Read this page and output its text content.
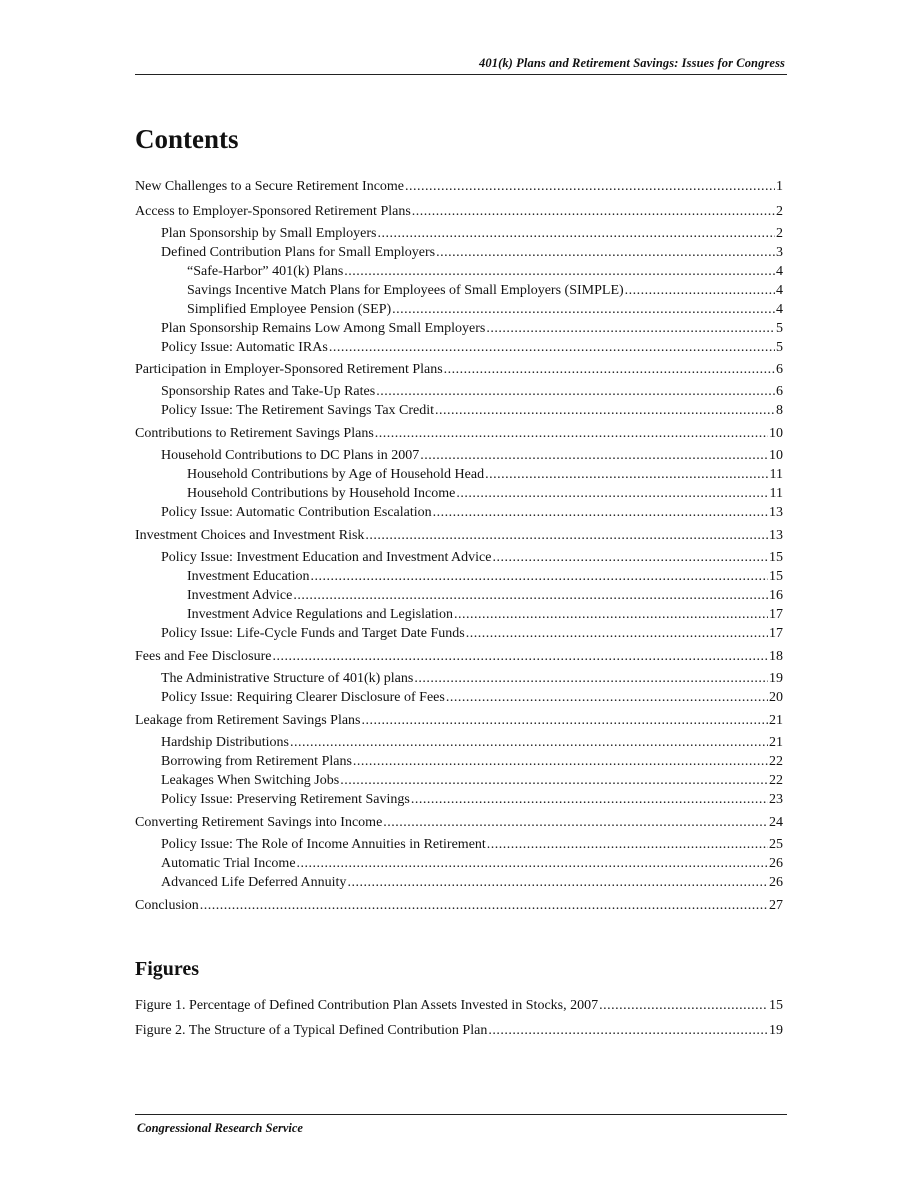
401(k) Plans and Retirement Savings: Issues for Congress
Contents
New Challenges to a Secure Retirement Income .....	1
Access to Employer-Sponsored Retirement Plans .....	2
Plan Sponsorship by Small Employers .....	2
Defined Contribution Plans for Small Employers .....	3
“Safe-Harbor” 401(k) Plans .....	4
Savings Incentive Match Plans for Employees of Small Employers (SIMPLE) .....	4
Simplified Employee Pension (SEP) .....	4
Plan Sponsorship Remains Low Among Small Employers .....	5
Policy Issue: Automatic IRAs .....	5
Participation in Employer-Sponsored Retirement Plans .....	6
Sponsorship Rates and Take-Up Rates .....	6
Policy Issue: The Retirement Savings Tax Credit .....	8
Contributions to Retirement Savings Plans .....	10
Household Contributions to DC Plans in 2007 .....	10
Household Contributions by Age of Household Head .....	11
Household Contributions by Household Income .....	11
Policy Issue: Automatic Contribution Escalation .....	13
Investment Choices and Investment Risk .....	13
Policy Issue: Investment Education and Investment Advice .....	15
Investment Education .....	15
Investment Advice .....	16
Investment Advice Regulations and Legislation .....	17
Policy Issue: Life-Cycle Funds and Target Date Funds .....	17
Fees and Fee Disclosure .....	18
The Administrative Structure of 401(k) plans .....	19
Policy Issue: Requiring Clearer Disclosure of Fees .....	20
Leakage from Retirement Savings Plans .....	21
Hardship Distributions .....	21
Borrowing from Retirement Plans .....	22
Leakages When Switching Jobs .....	22
Policy Issue: Preserving Retirement Savings .....	23
Converting Retirement Savings into Income .....	24
Policy Issue: The Role of Income Annuities in Retirement .....	25
Automatic Trial Income .....	26
Advanced Life Deferred Annuity .....	26
Conclusion .....	27
Figures
Figure 1. Percentage of Defined Contribution Plan Assets Invested in Stocks, 2007 .....	15
Figure 2. The Structure of a Typical Defined Contribution Plan .....	19
Congressional Research Service
